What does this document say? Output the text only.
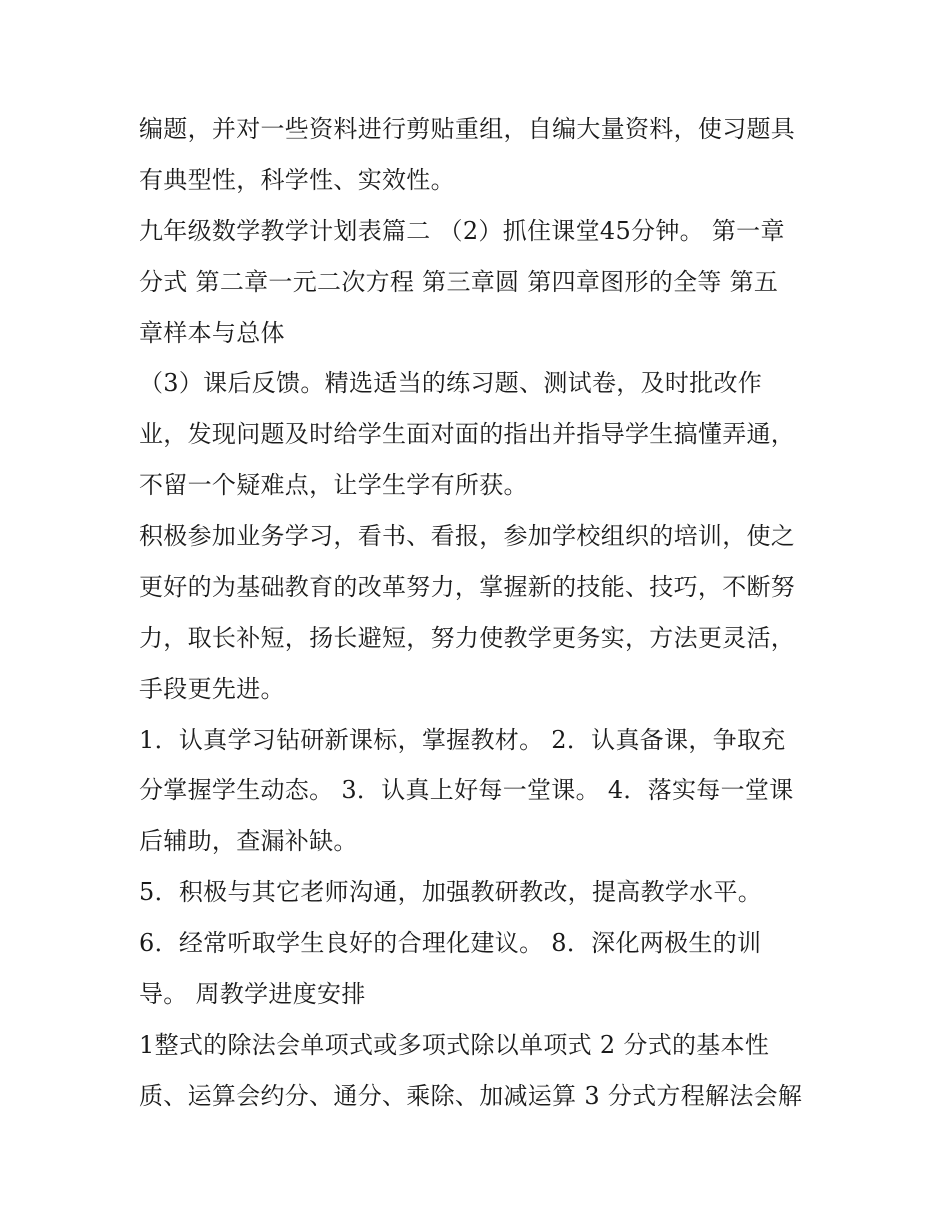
编题，并对一些资料进行剪贴重组，自编大量资料，使习题具
有典型性，科学性、实效性。
九年级数学教学计划表篇二 （2）抓住课堂45分钟。 第一章
分式 第二章一元二次方程 第三章圆 第四章图形的全等 第五
章样本与总体
（3）课后反馈。精选适当的练习题、测试卷，及时批改作
业，发现问题及时给学生面对面的指出并指导学生搞懂弄通，
不留一个疑难点，让学生学有所获。
积极参加业务学习，看书、看报，参加学校组织的培训，使之
更好的为基础教育的改革努力，掌握新的技能、技巧，不断努
力，取长补短，扬长避短，努力使教学更务实，方法更灵活，
手段更先进。
1．认真学习钻研新课标，掌握教材。 2．认真备课，争取充
分掌握学生动态。 3．认真上好每一堂课。 4．落实每一堂课
后辅助，查漏补缺。
5．积极与其它老师沟通，加强教研教改，提高教学水平。
6．经常听取学生良好的合理化建议。 8．深化两极生的训
导。 周教学进度安排
1整式的除法会单项式或多项式除以单项式 2 分式的基本性
质、运算会约分、通分、乘除、加减运算 3 分式方程解法会解
